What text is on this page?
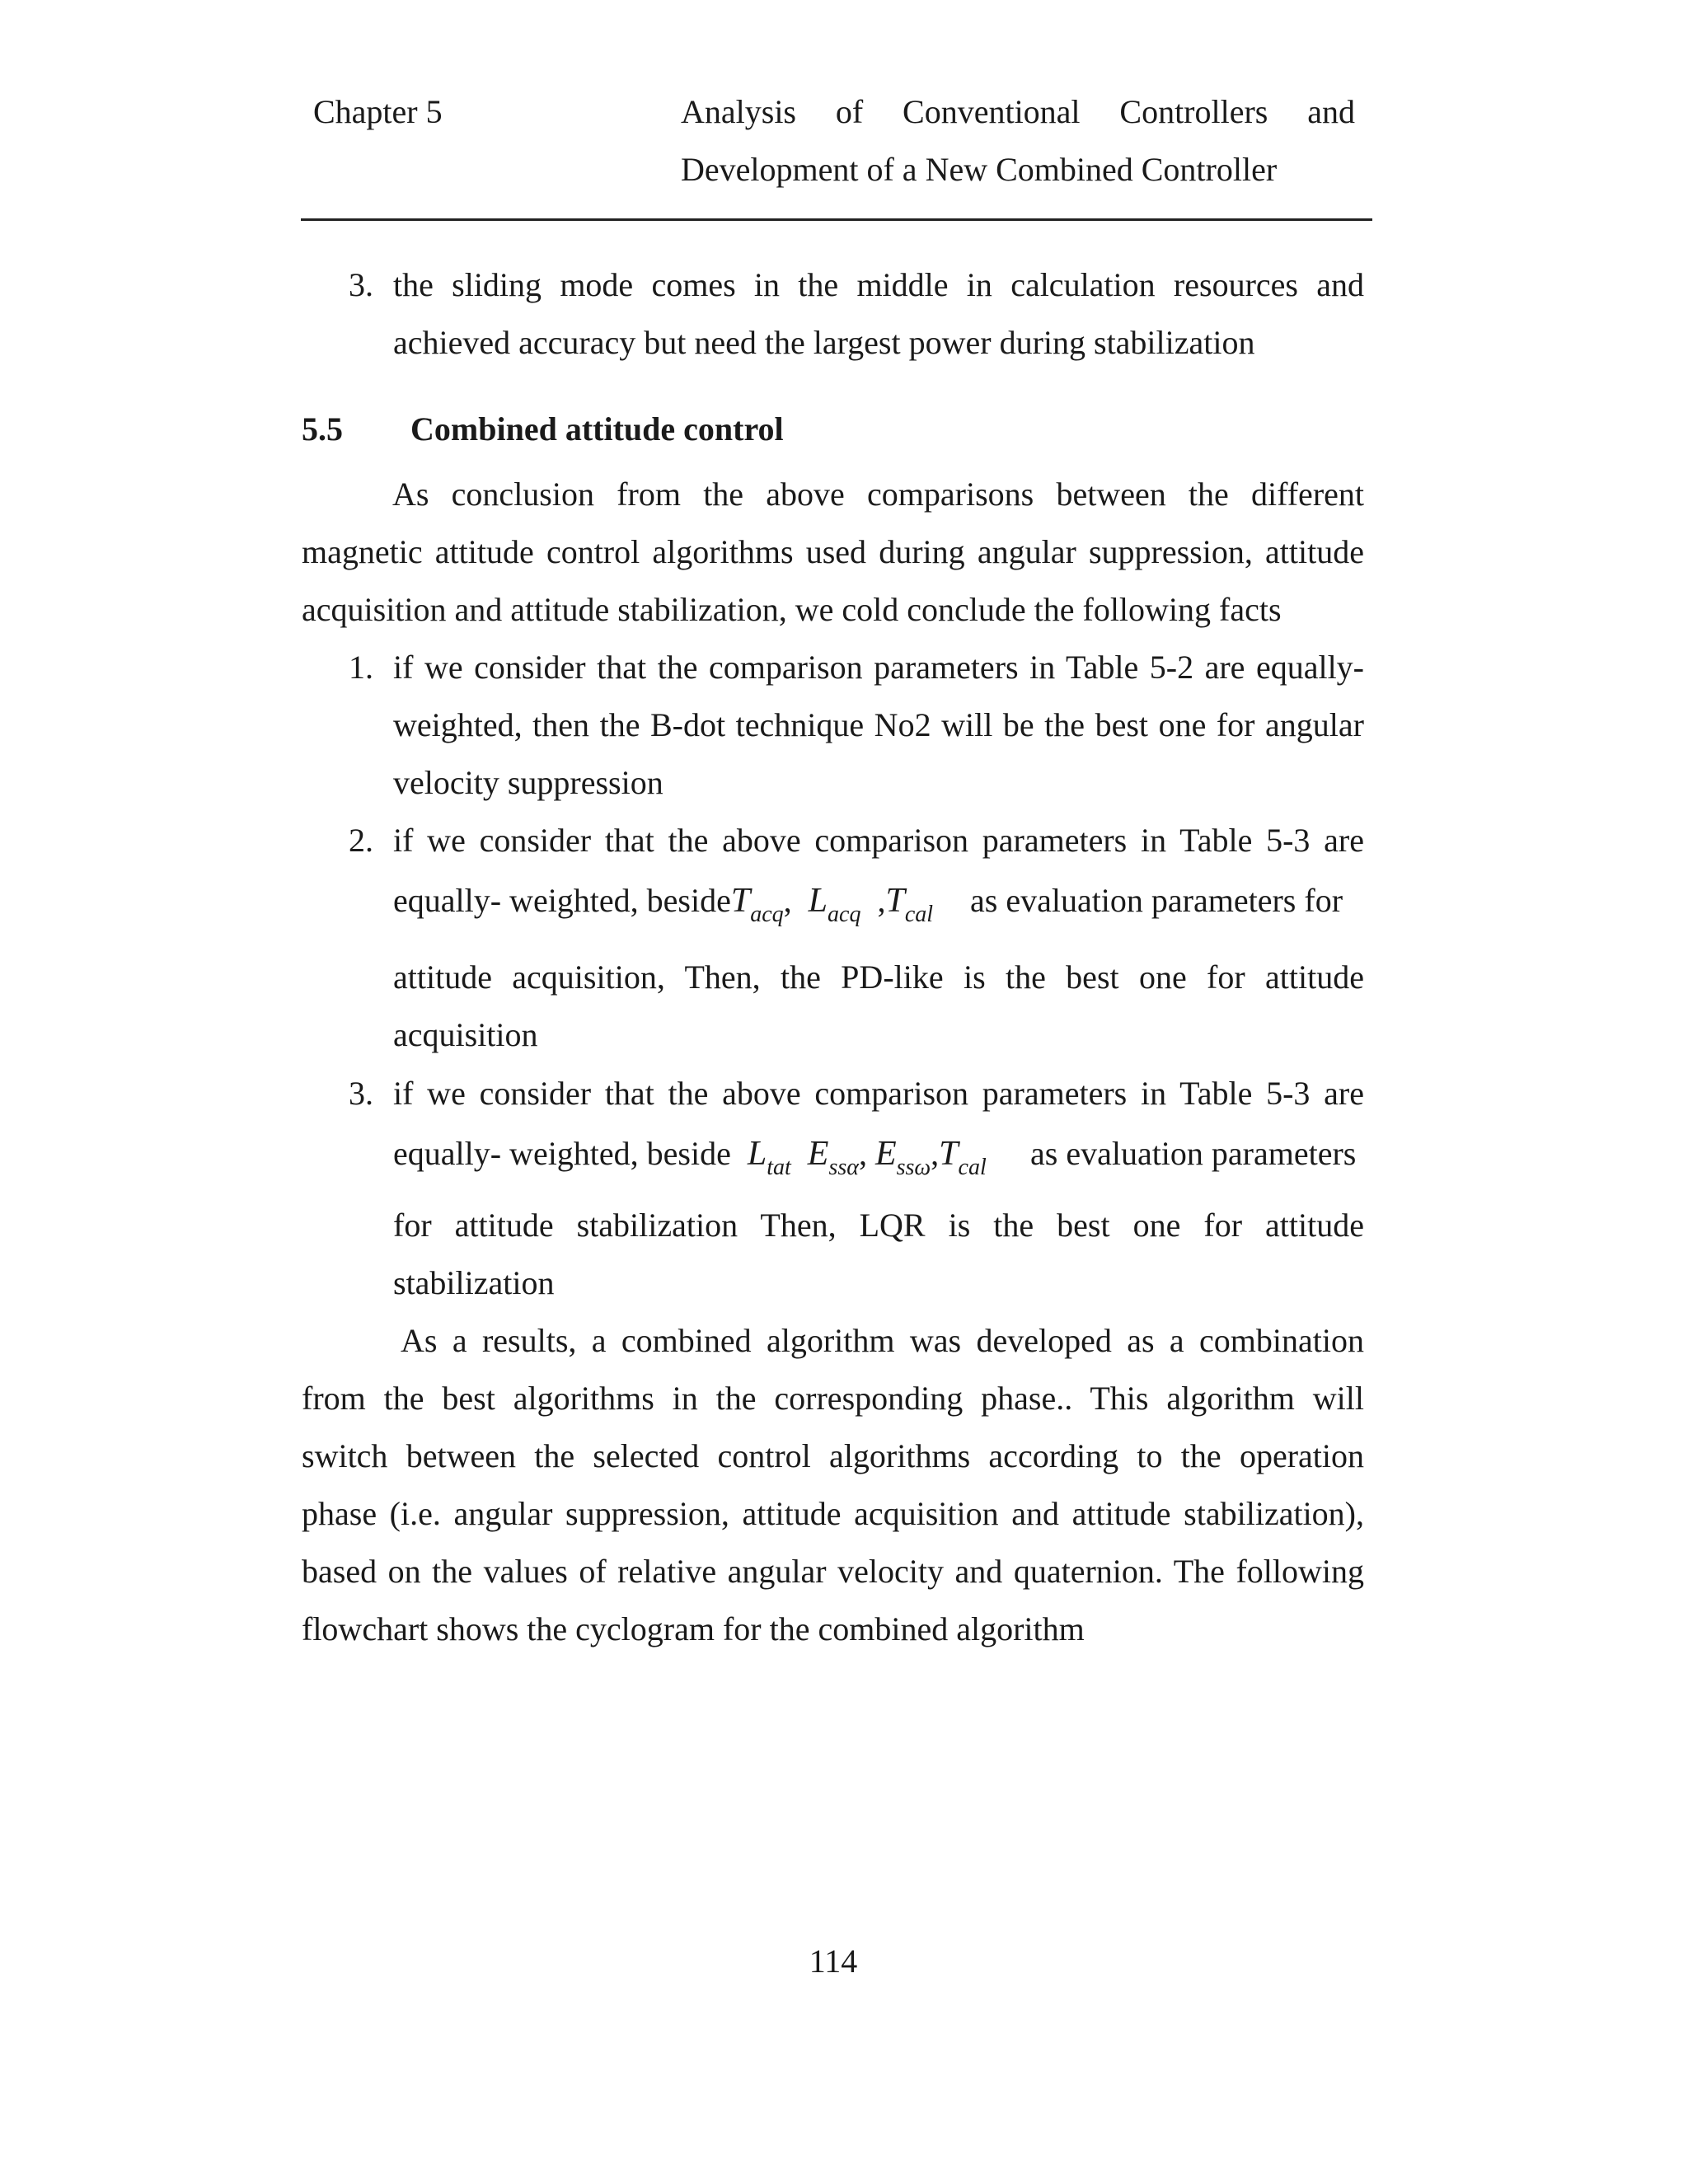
Chapter 5	Analysis of Conventional Controllers and
Development of a New Combined Controller
3. the sliding mode comes in the middle in calculation resources and
achieved accuracy but need the largest power during stabilization
5.5 Combined attitude control
As conclusion from the above comparisons between the different
magnetic attitude control algorithms used during angular suppression, attitude
acquisition and attitude stabilization, we cold conclude the following facts
1. if we consider that the comparison parameters in Table 5-2 are equally-
weighted, then the B-dot technique No2 will be the best one for angular
velocity suppression
2. if we consider that the above comparison parameters in Table 5-3 are
equally- weighted, besideT$_{acq}$, $L_{acq}$ $,T_{cal}$ as evaluation parameters for
attitude acquisition, Then, the PD-like is the best one for attitude
acquisition
3. if we consider that the above comparison parameters in Table 5-3 are
equally- weighted, beside $L_{tat}$ $E_{ss\alpha}$, $E_{ss\omega},T_{cal}$ as evaluation parameters
for attitude stabilization Then, LQR is the best one for attitude
stabilization
As a results, a combined algorithm was developed as a combination
from the best algorithms in the corresponding phase.. This algorithm will
switch between the selected control algorithms according to the operation
phase (i.e. angular suppression, attitude acquisition and attitude stabilization),
based on the values of relative angular velocity and quaternion. The following
flowchart shows the cyclogram for the combined algorithm
114
